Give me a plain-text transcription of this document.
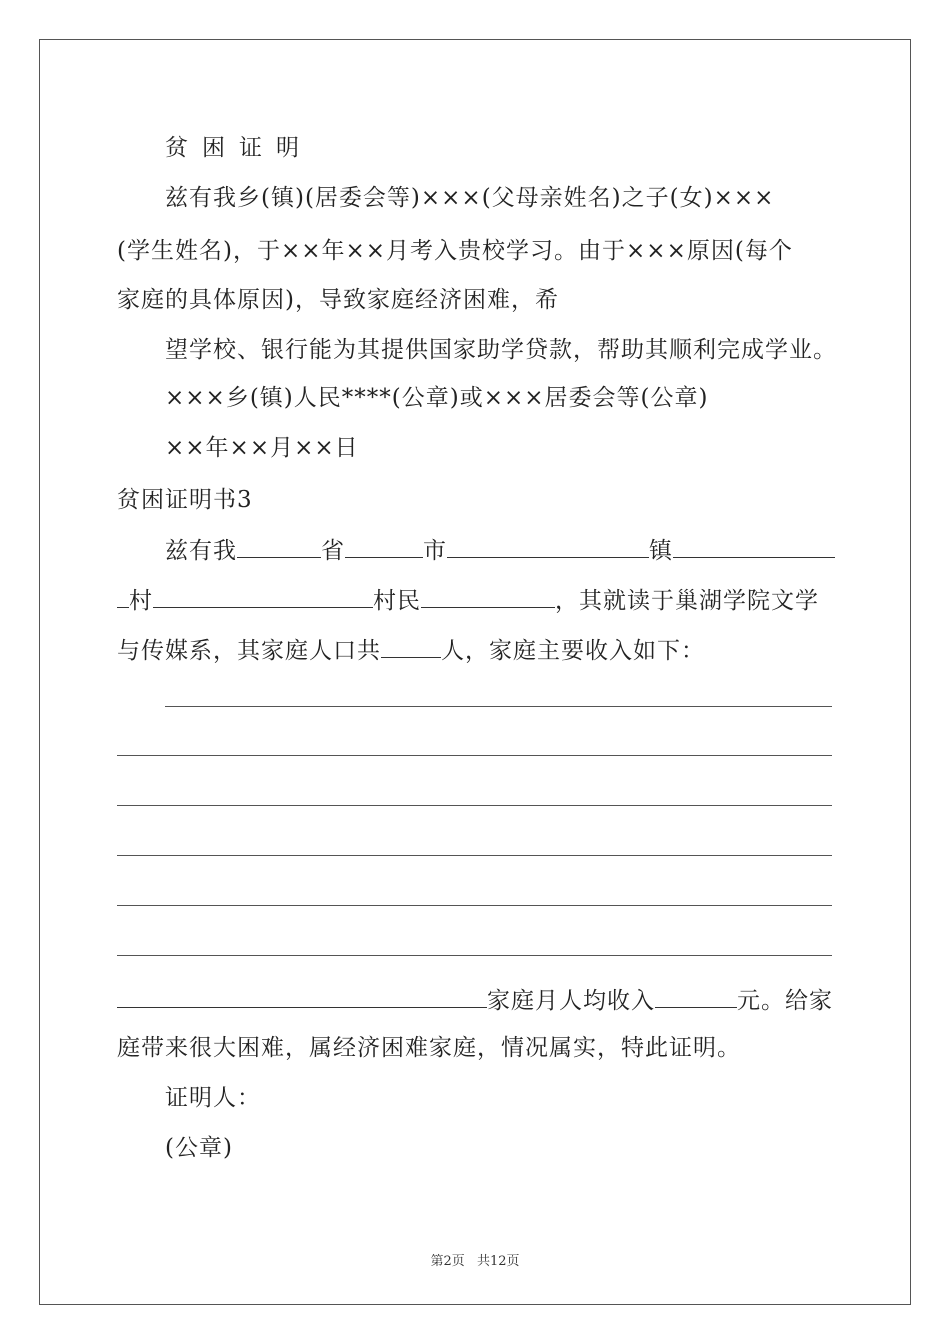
贫困证明
兹有我乡(镇)(居委会等)×××(父母亲姓名)之子(女)×××
(学生姓名)，于××年××月考入贵校学习。由于×××原因(每个
家庭的具体原因)，导致家庭经济困难，希
望学校、银行能为其提供国家助学贷款，帮助其顺利完成学业。
×××乡(镇)人民****(公章)或×××居委会等(公章)
××年××月××日
贫困证明书3
兹有我	省	市	镇
村	村民	，其就读于巢湖学院文学
与传媒系，其家庭人口共	人，家庭主要收入如下：
家庭月人均收入	元。给家
庭带来很大困难，属经济困难家庭，情况属实，特此证明。
证明人：
(公章)
第2页 共12页
